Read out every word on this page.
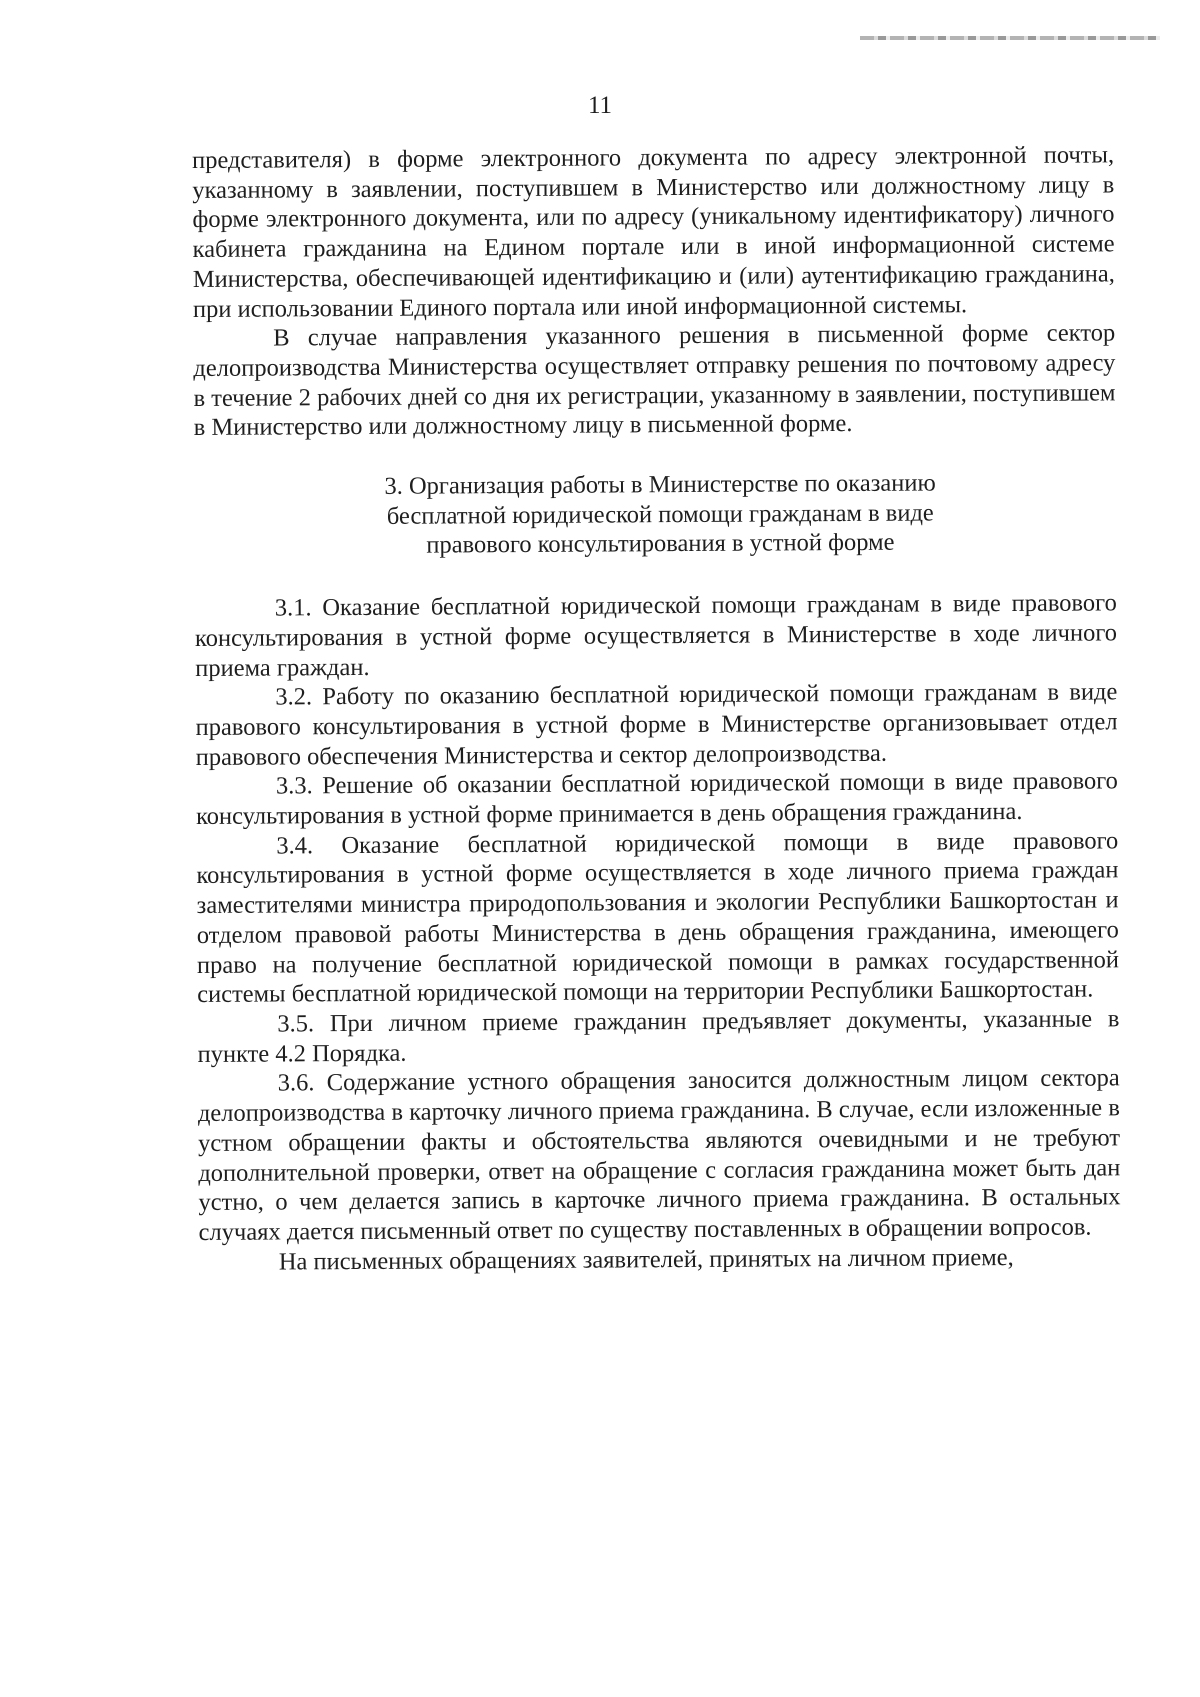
11

представителя) в форме электронного документа по адресу электронной почты, указанному в заявлении, поступившем в Министерство или должностному лицу в форме электронного документа, или по адресу (уникальному идентификатору) личного кабинета гражданина на Едином портале или в иной информационной системе Министерства, обеспечивающей идентификацию и (или) аутентификацию гражданина, при использовании Единого портала или иной информационной системы.

В случае направления указанного решения в письменной форме сектор делопроизводства Министерства осуществляет отправку решения по почтовому адресу в течение 2 рабочих дней со дня их регистрации, указанному в заявлении, поступившем в Министерство или должностному лицу в письменной форме.

3. Организация работы в Министерстве по оказанию
бесплатной юридической помощи гражданам в виде
правового консультирования в устной форме

3.1. Оказание бесплатной юридической помощи гражданам в виде правового консультирования в устной форме осуществляется в Министерстве в ходе личного приема граждан.

3.2. Работу по оказанию бесплатной юридической помощи гражданам в виде правового консультирования в устной форме в Министерстве организовывает отдел правового обеспечения Министерства и сектор делопроизводства.

3.3. Решение об оказании бесплатной юридической помощи в виде правового консультирования в устной форме принимается в день обращения гражданина.

3.4. Оказание бесплатной юридической помощи в виде правового консультирования в устной форме осуществляется в ходе личного приема граждан заместителями министра природопользования и экологии Республики Башкортостан и отделом правовой работы Министерства в день обращения гражданина, имеющего право на получение бесплатной юридической помощи в рамках государственной системы бесплатной юридической помощи на территории Республики Башкортостан.

3.5. При личном приеме гражданин предъявляет документы, указанные в пункте 4.2 Порядка.

3.6. Содержание устного обращения заносится должностным лицом сектора делопроизводства в карточку личного приема гражданина. В случае, если изложенные в устном обращении факты и обстоятельства являются очевидными и не требуют дополнительной проверки, ответ на обращение с согласия гражданина может быть дан устно, о чем делается запись в карточке личного приема гражданина. В остальных случаях дается письменный ответ по существу поставленных в обращении вопросов.

На письменных обращениях заявителей, принятых на личном приеме,
